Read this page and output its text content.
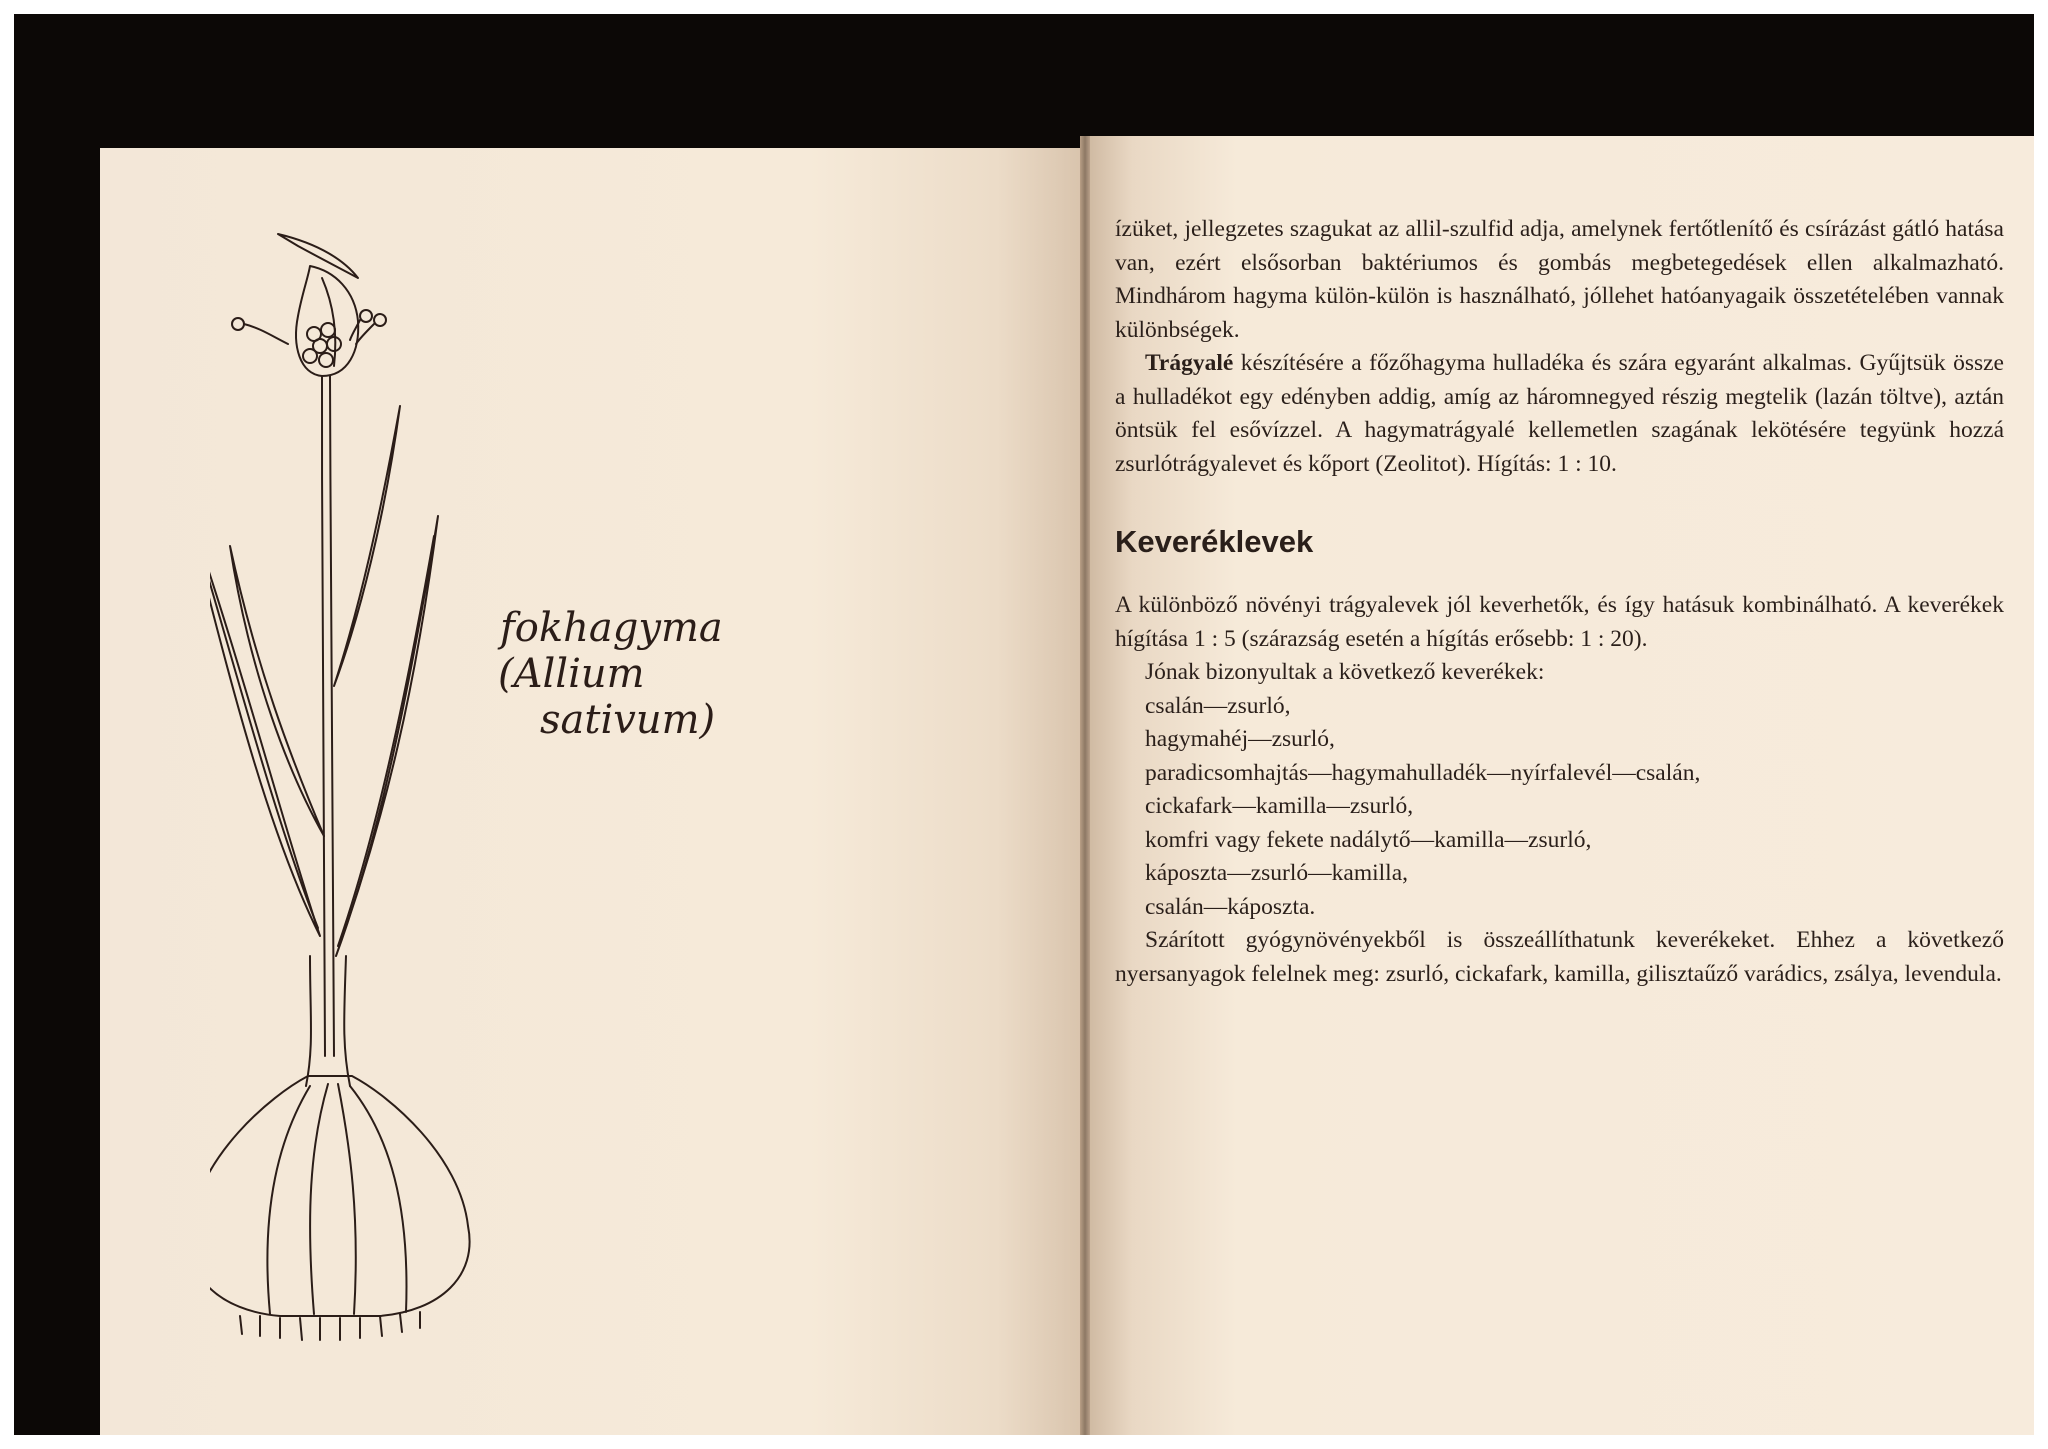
ízüket, jellegzetes szagukat az allil-szulfid adja, amelynek fertőtlenítő és csírázást gátló hatása van, ezért elsősorban baktériumos és gombás megbetegedések ellen alkalmazható. Mindhárom hagyma külön-külön is használható, jóllehet hatóanyagaik összetételében vannak különbségek.

Trágyalé készítésére a főzőhagyma hulladéka és szára egyaránt alkalmas. Gyűjtsük össze a hulladékot egy edényben addig, amíg az háromnegyed részig megtelik (lazán töltve), aztán öntsük fel esővízzel. A hagymatrágyalé kellemetlen szagának lekötésére tegyünk hozzá zsurlótrágyalevet és kőport (Zeolitot). Hígítás: 1 : 10.

Keveréklevek

A különböző növényi trágyalevek jól keverhetők, és így hatásuk kombinálható. A keverékek hígítása 1 : 5 (szárazság esetén a hígítás erősebb: 1 : 20).

Jónak bizonyultak a következő keverékek:

csalán—zsurló,
hagymahéj—zsurló,
paradicsomhajtás—hagymahulladék—nyírfalevél—csalán,
cickafark—kamilla—zsurló,
komfri vagy fekete nadálytő—kamilla—zsurló,
káposzta—zsurló—kamilla,
csalán—káposzta.

Szárított gyógynövényekből is összeállíthatunk keverékeket. Ehhez a következő nyersanyagok felelnek meg: zsurló, cickafark, kamilla, gilisztaűző varádics, zsálya, levendula.

fokhagyma
(Allium
sativum)
